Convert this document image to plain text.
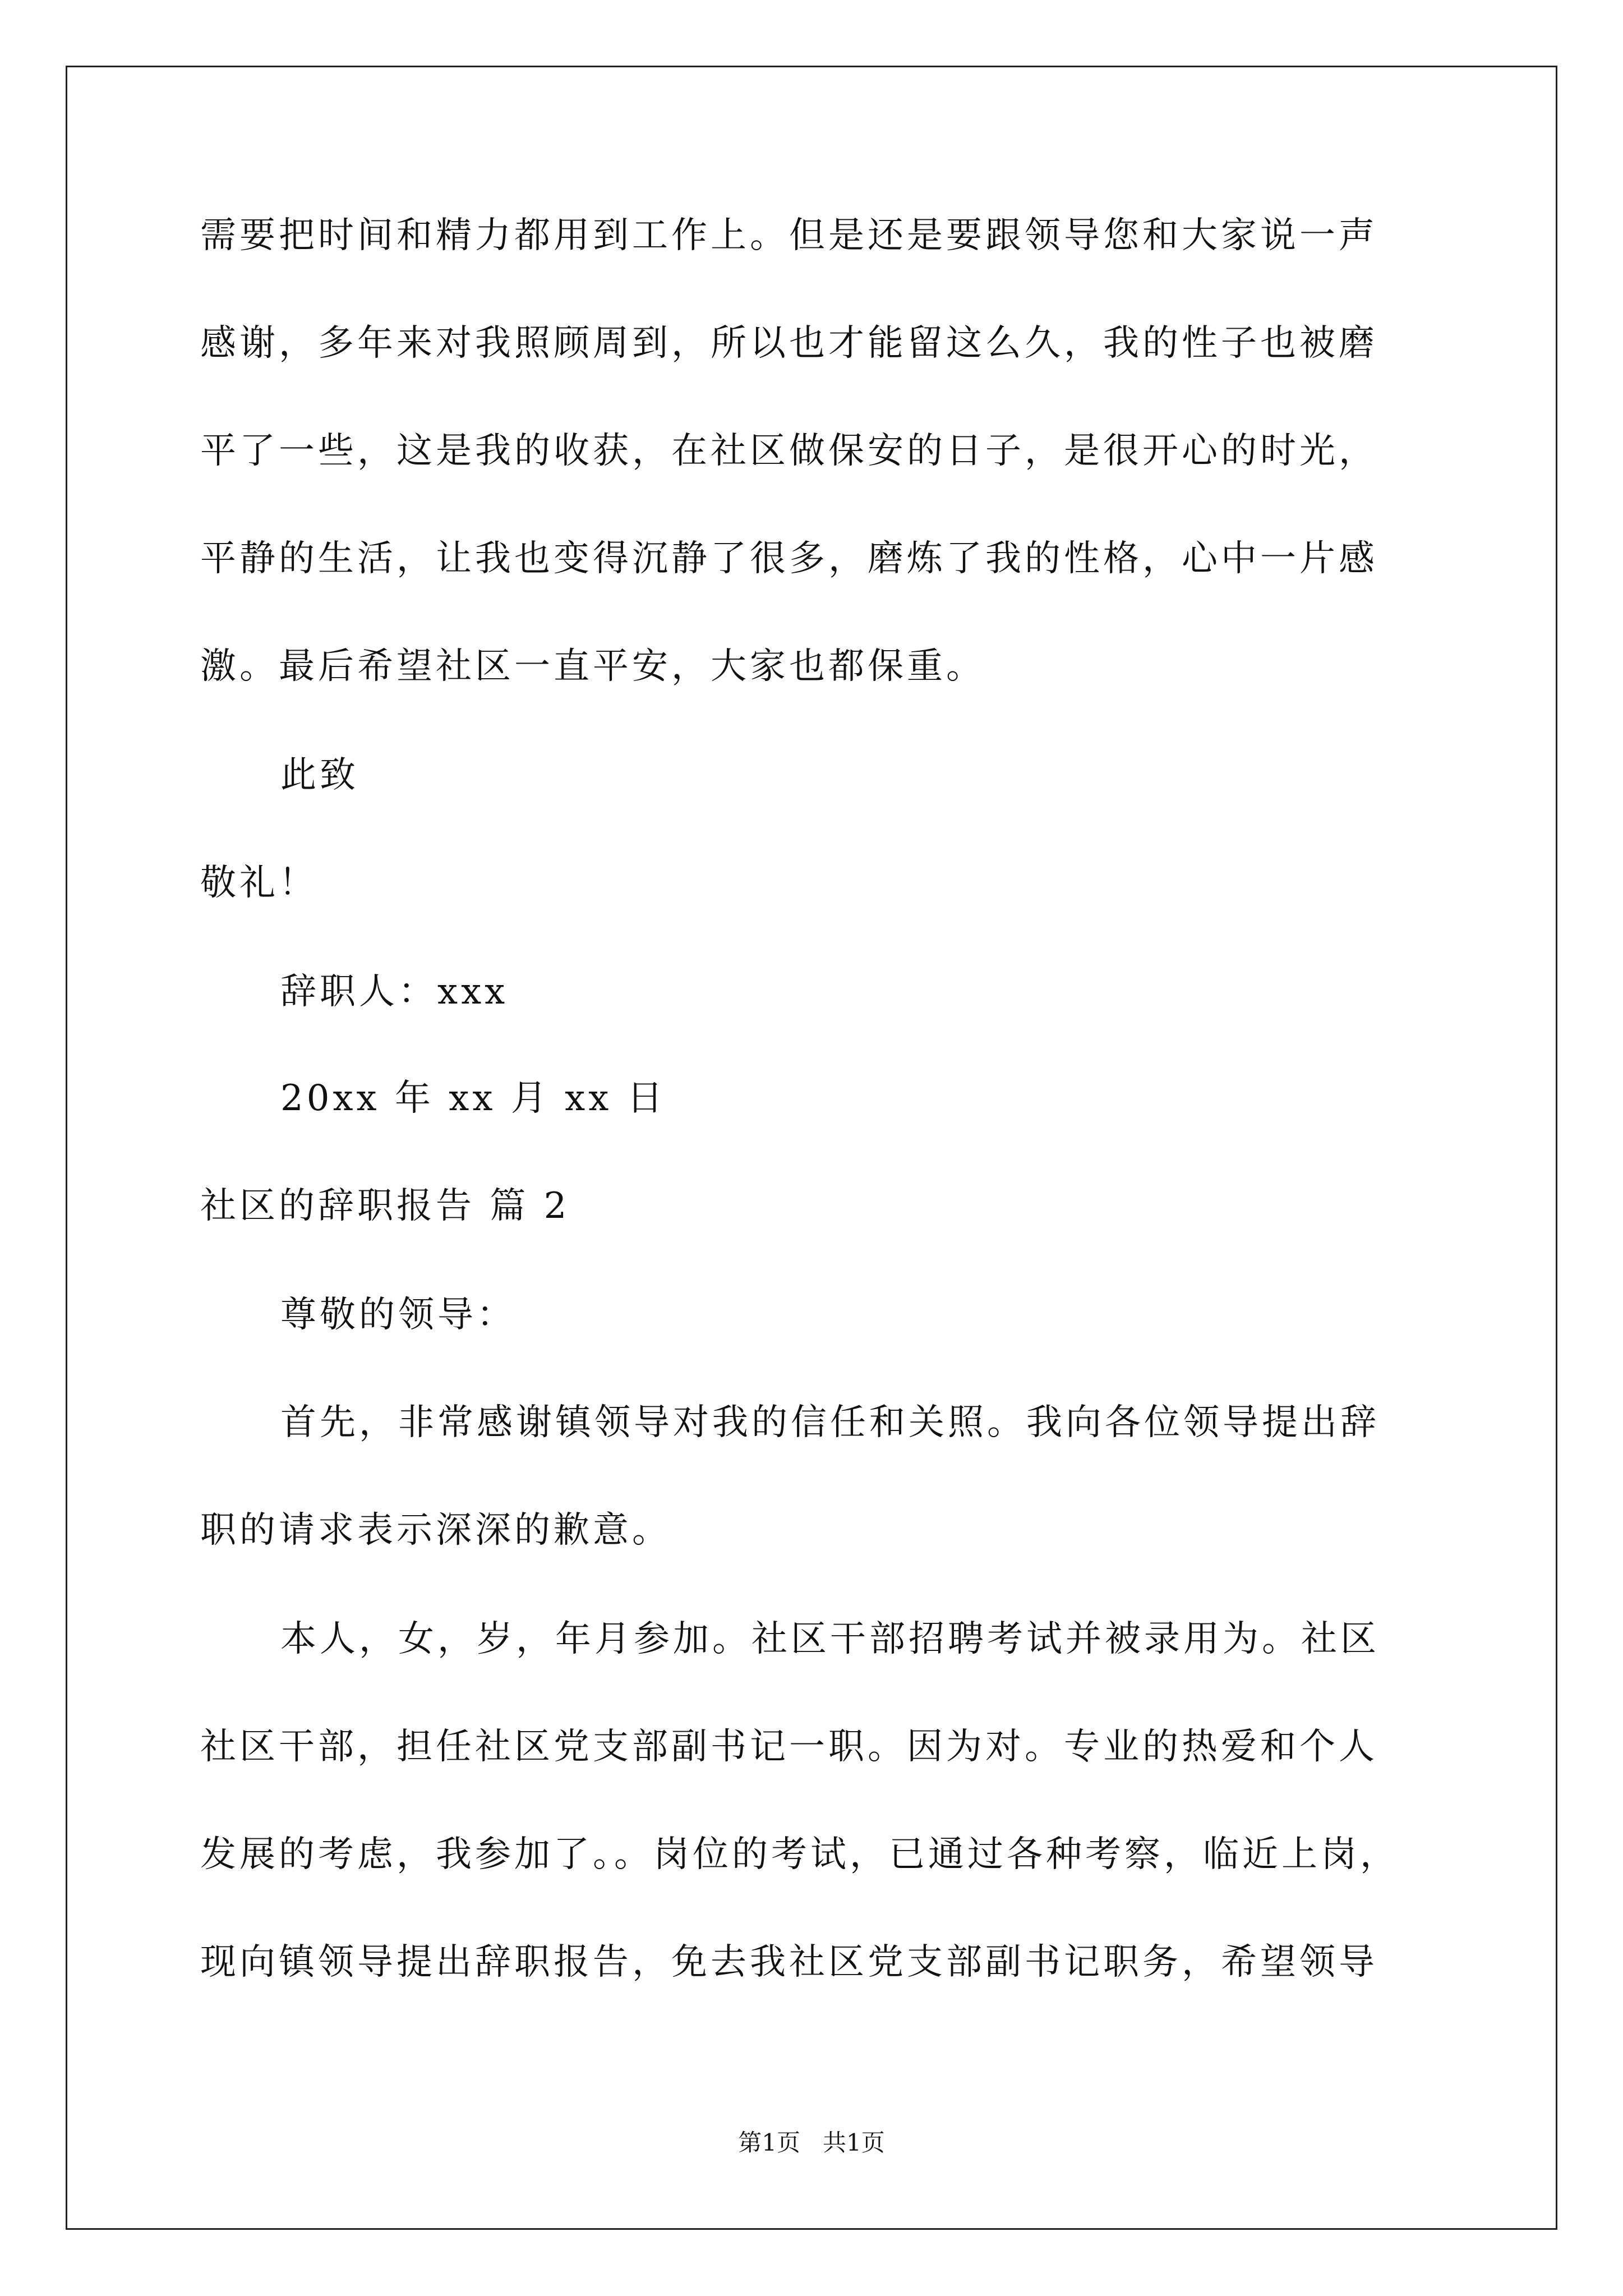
需要把时间和精力都用到工作上。但是还是要跟领导您和大家说一声
感谢，多年来对我照顾周到，所以也才能留这么久，我的性子也被磨
平了一些，这是我的收获，在社区做保安的日子，是很开心的时光，
平静的生活，让我也变得沉静了很多，磨炼了我的性格，心中一片感
激。最后希望社区一直平安，大家也都保重。
此致
敬礼！
辞职人：xxx
20xx 年 xx 月 xx 日
社区的辞职报告 篇 2
尊敬的领导：
首先，非常感谢镇领导对我的信任和关照。我向各位领导提出辞
职的请求表示深深的歉意。
本人，女，岁，年月参加。社区干部招聘考试并被录用为。社区
社区干部，担任社区党支部副书记一职。因为对。专业的热爱和个人
发展的考虑，我参加了。。岗位的考试，已通过各种考察，临近上岗，
现向镇领导提出辞职报告，免去我社区党支部副书记职务，希望领导
第1页   共1页
